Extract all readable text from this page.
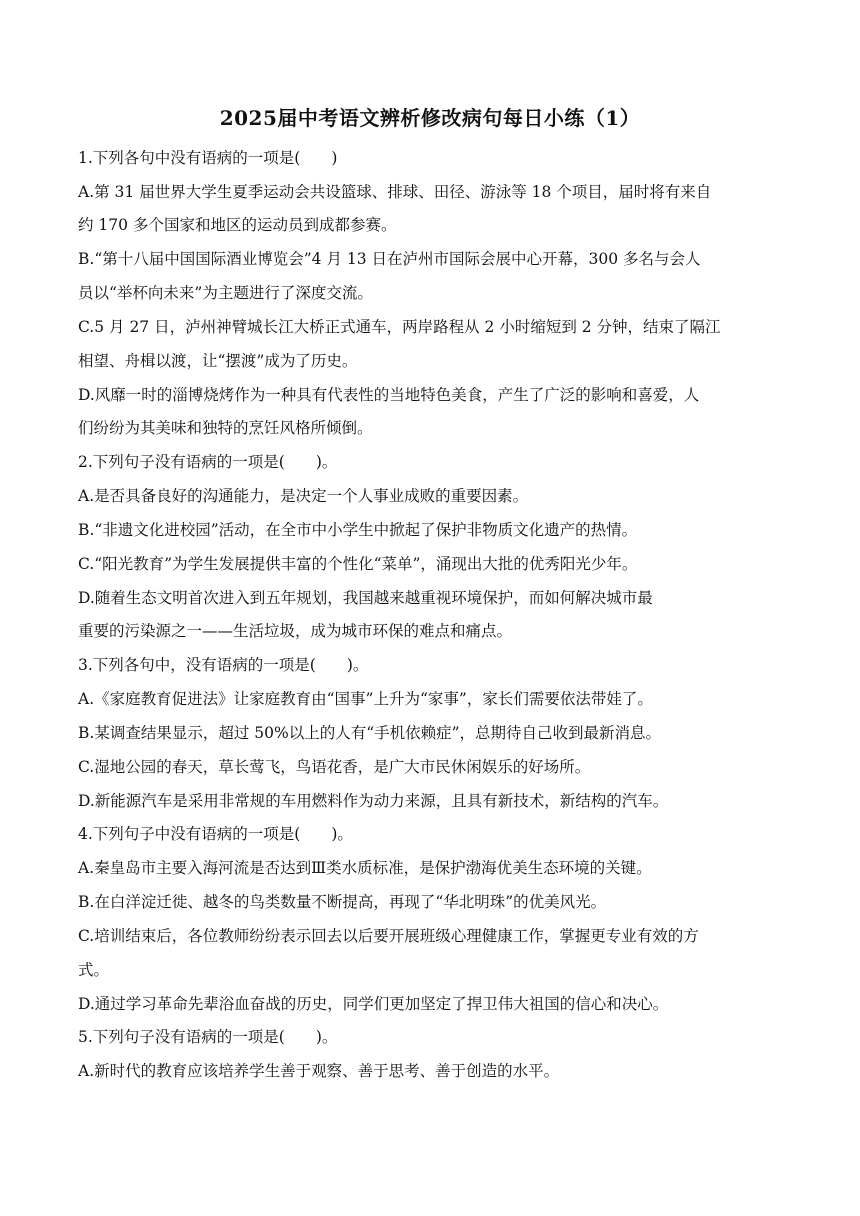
2025届中考语文辨析修改病句每日小练（1）
1.下列各句中没有语病的一项是(　　)
A.第 31 届世界大学生夏季运动会共设篮球、排球、田径、游泳等 18 个项目，届时将有来自
约 170 多个国家和地区的运动员到成都参赛。
B.“第十八届中国国际酒业博览会”4 月 13 日在泸州市国际会展中心开幕，300 多名与会人
员以“举杯向未来”为主题进行了深度交流。
C.5 月 27 日，泸州神臂城长江大桥正式通车，两岸路程从 2 小时缩短到 2 分钟，结束了隔江
相望、舟楫以渡，让“摆渡”成为了历史。
D.风靡一时的淄博烧烤作为一种具有代表性的当地特色美食，产生了广泛的影响和喜爱，人
们纷纷为其美味和独特的烹饪风格所倾倒。
2.下列句子没有语病的一项是(　　)。
A.是否具备良好的沟通能力，是决定一个人事业成败的重要因素。
B.“非遗文化进校园”活动，在全市中小学生中掀起了保护非物质文化遗产的热情。
C.“阳光教育”为学生发展提供丰富的个性化“菜单”，涌现出大批的优秀阳光少年。
D.随着生态文明首次进入到五年规划，我国越来越重视环境保护，而如何解决城市最
重要的污染源之一——生活垃圾，成为城市环保的难点和痛点。
3.下列各句中，没有语病的一项是(　　)。
A.《家庭教育促进法》让家庭教育由“国事”上升为“家事”，家长们需要依法带娃了。
B.某调查结果显示，超过 50%以上的人有“手机依赖症”，总期待自己收到最新消息。
C.湿地公园的春天，草长莺飞，鸟语花香，是广大市民休闲娱乐的好场所。
D.新能源汽车是采用非常规的车用燃料作为动力来源，且具有新技术，新结构的汽车。
4.下列句子中没有语病的一项是(　　)。
A.秦皇岛市主要入海河流是否达到Ⅲ类水质标准，是保护渤海优美生态环境的关键。
B.在白洋淀迁徙、越冬的鸟类数量不断提高，再现了“华北明珠”的优美风光。
C.培训结束后，各位教师纷纷表示回去以后要开展班级心理健康工作，掌握更专业有效的方
式。
D.通过学习革命先辈浴血奋战的历史，同学们更加坚定了捍卫伟大祖国的信心和决心。
5.下列句子没有语病的一项是(　　)。
A.新时代的教育应该培养学生善于观察、善于思考、善于创造的水平。
